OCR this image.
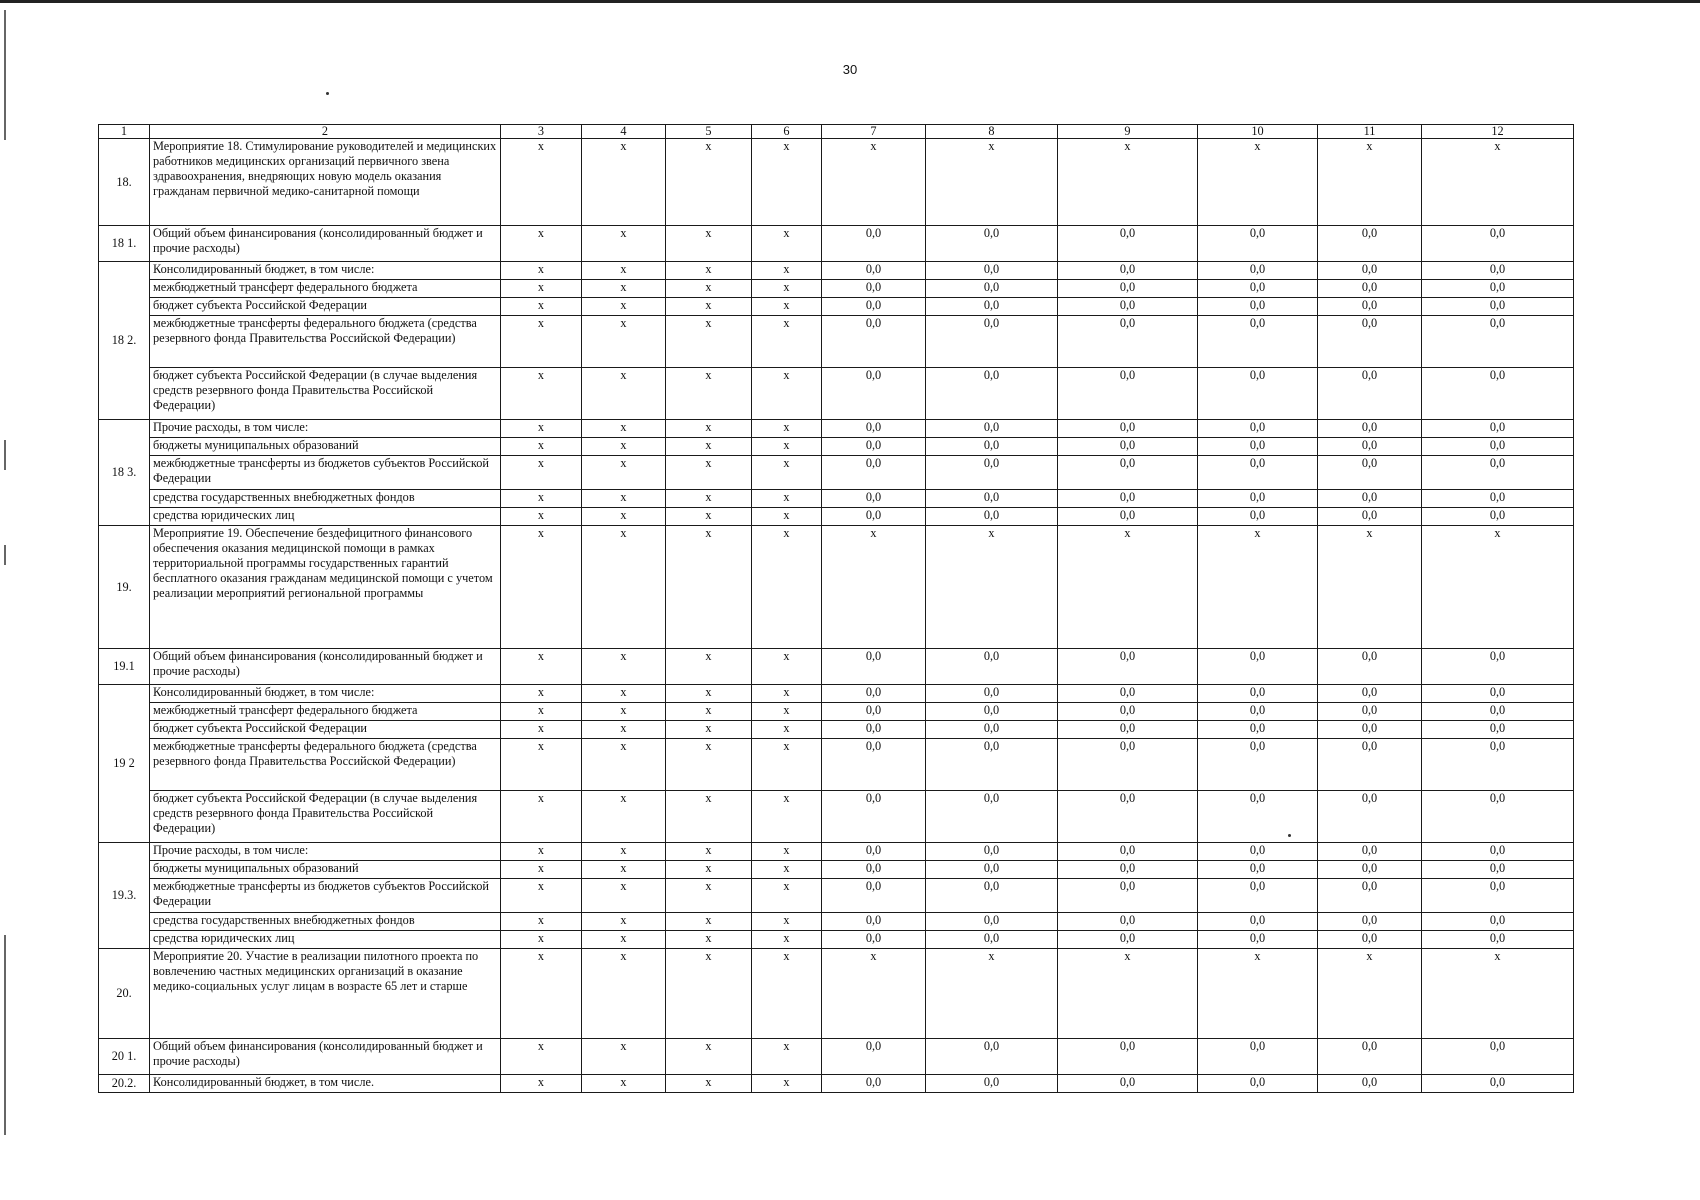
30
1	2	3	4	5	6	7	8	9	10	11	12
18.	Мероприятие 18. Стимулирование руководителей и медицинских работников медицинских организаций первичного звена здравоохранения, внедряющих новую модель оказания гражданам первичной медико-санитарной помощи	x	x	x	x	x	x	x	x	x	x
18 1.	Общий объем финансирования (консолидированный бюджет и прочие расходы)	x	x	x	x	0,0	0,0	0,0	0,0	0,0	0,0
18 2.	Консолидированный бюджет, в том числе:	x	x	x	x	0,0	0,0	0,0	0,0	0,0	0,0
	межбюджетный трансферт федерального бюджета	x	x	x	x	0,0	0,0	0,0	0,0	0,0	0,0
	бюджет субъекта Российской Федерации	x	x	x	x	0,0	0,0	0,0	0,0	0,0	0,0
	межбюджетные трансферты федерального бюджета (средства резервного фонда Правительства Российской Федерации)	x	x	x	x	0,0	0,0	0,0	0,0	0,0	0,0
	бюджет субъекта Российской Федерации (в случае выделения средств резервного фонда Правительства Российской Федерации)	x	x	x	x	0,0	0,0	0,0	0,0	0,0	0,0
18 3.	Прочие расходы, в том числе:	x	x	x	x	0,0	0,0	0,0	0,0	0,0	0,0
	бюджеты муниципальных образований	x	x	x	x	0,0	0,0	0,0	0,0	0,0	0,0
	межбюджетные трансферты из бюджетов субъектов Российской Федерации	x	x	x	x	0,0	0,0	0,0	0,0	0,0	0,0
	средства государственных внебюджетных фондов	x	x	x	x	0,0	0,0	0,0	0,0	0,0	0,0
	средства юридических лиц	x	x	x	x	0,0	0,0	0,0	0,0	0,0	0,0
19.	Мероприятие 19. Обеспечение бездефицитного финансового обеспечения оказания медицинской помощи в рамках территориальной программы государственных гарантий бесплатного оказания гражданам медицинской помощи с учетом реализации мероприятий региональной программы	x	x	x	x	x	x	x	x	x	x
19.1	Общий объем финансирования (консолидированный бюджет и прочие расходы)	x	x	x	x	0,0	0,0	0,0	0,0	0,0	0,0
19 2	Консолидированный бюджет, в том числе:	x	x	x	x	0,0	0,0	0,0	0,0	0,0	0,0
	межбюджетный трансферт федерального бюджета	x	x	x	x	0,0	0,0	0,0	0,0	0,0	0,0
	бюджет субъекта Российской Федерации	x	x	x	x	0,0	0,0	0,0	0,0	0,0	0,0
	межбюджетные трансферты федерального бюджета (средства резервного фонда Правительства Российской Федерации)	x	x	x	x	0,0	0,0	0,0	0,0	0,0	0,0
	бюджет субъекта Российской Федерации (в случае выделения средств резервного фонда Правительства Российской Федерации)	x	x	x	x	0,0	0,0	0,0	0,0	0,0	0,0
19.3.	Прочие расходы, в том числе:	x	x	x	x	0,0	0,0	0,0	0,0	0,0	0,0
	бюджеты муниципальных образований	x	x	x	x	0,0	0,0	0,0	0,0	0,0	0,0
	межбюджетные трансферты из бюджетов субъектов Российской Федерации	x	x	x	x	0,0	0,0	0,0	0,0	0,0	0,0
	средства государственных внебюджетных фондов	x	x	x	x	0,0	0,0	0,0	0,0	0,0	0,0
	средства юридических лиц	x	x	x	x	0,0	0,0	0,0	0,0	0,0	0,0
20.	Мероприятие 20. Участие в реализации пилотного проекта по вовлечению частных медицинских организаций в оказание медико-социальных услуг лицам в возрасте 65 лет и старше	x	x	x	x	x	x	x	x	x	x
20 1.	Общий объем финансирования (консолидированный бюджет и прочие расходы)	x	x	x	x	0,0	0,0	0,0	0,0	0,0	0,0
20.2.	Консолидированный бюджет, в том числе.	x	x	x	x	0,0	0,0	0,0	0,0	0,0	0,0
